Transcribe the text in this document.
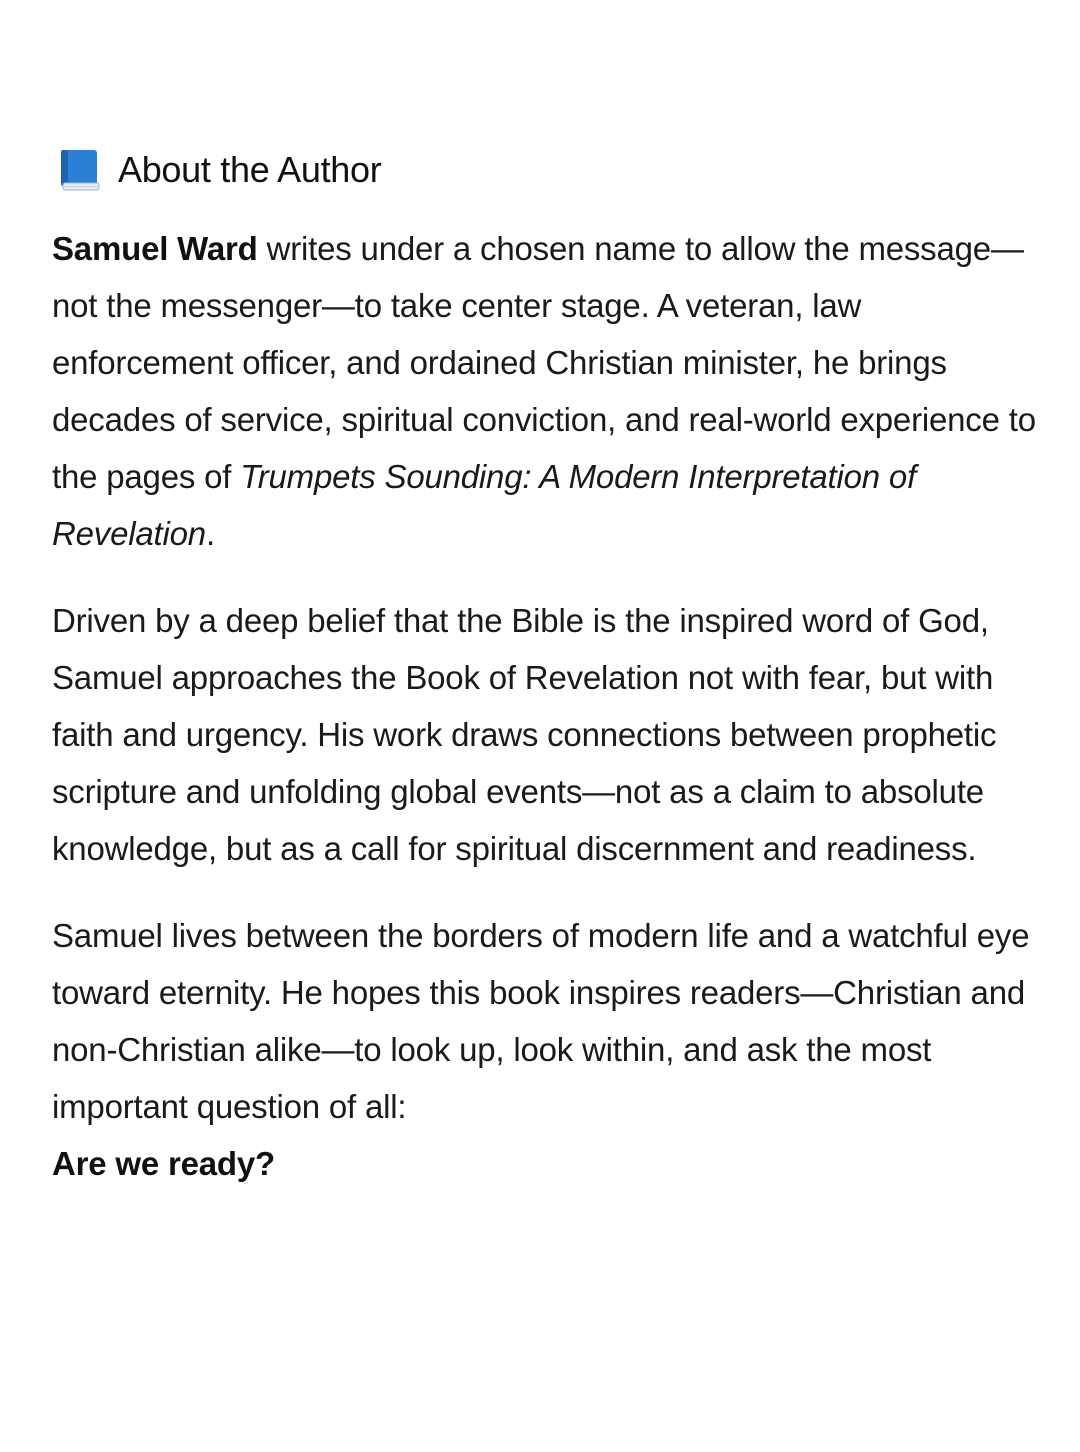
About the Author

Samuel Ward writes under a chosen name to allow the message—not the messenger—to take center stage. A veteran, law enforcement officer, and ordained Christian minister, he brings decades of service, spiritual conviction, and real-world experience to the pages of Trumpets Sounding: A Modern Interpretation of Revelation.

Driven by a deep belief that the Bible is the inspired word of God, Samuel approaches the Book of Revelation not with fear, but with faith and urgency. His work draws connections between prophetic scripture and unfolding global events—not as a claim to absolute knowledge, but as a call for spiritual discernment and readiness.

Samuel lives between the borders of modern life and a watchful eye toward eternity. He hopes this book inspires readers—Christian and non-Christian alike—to look up, look within, and ask the most important question of all:
Are we ready?
